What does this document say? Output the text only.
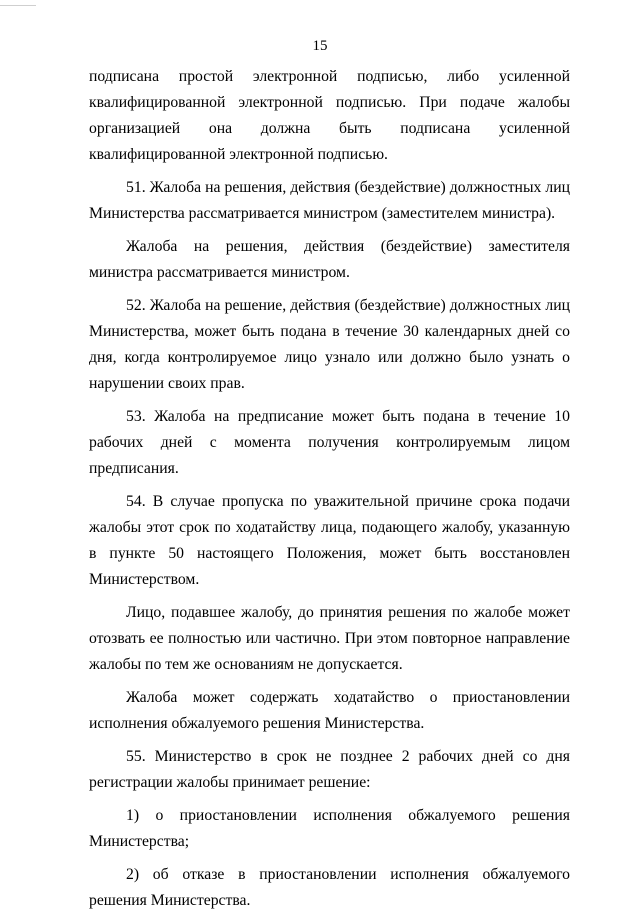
15

подписана простой электронной подписью, либо усиленной квалифицированной электронной подписью. При подаче жалобы организацией она должна быть подписана усиленной квалифицированной электронной подписью.

51. Жалоба на решения, действия (бездействие) должностных лиц Министерства рассматривается министром (заместителем министра).

Жалоба на решения, действия (бездействие) заместителя министра рассматривается министром.

52. Жалоба на решение, действия (бездействие) должностных лиц Министерства, может быть подана в течение 30 календарных дней со дня, когда контролируемое лицо узнало или должно было узнать о нарушении своих прав.

53. Жалоба на предписание может быть подана в течение 10 рабочих дней с момента получения контролируемым лицом предписания.

54. В случае пропуска по уважительной причине срока подачи жалобы этот срок по ходатайству лица, подающего жалобу, указанную в пункте 50 настоящего Положения, может быть восстановлен Министерством.

Лицо, подавшее жалобу, до принятия решения по жалобе может отозвать ее полностью или частично. При этом повторное направление жалобы по тем же основаниям не допускается.

Жалоба может содержать ходатайство о приостановлении исполнения обжалуемого решения Министерства.

55. Министерство в срок не позднее 2 рабочих дней со дня регистрации жалобы принимает решение:

1) о приостановлении исполнения обжалуемого решения Министерства;

2) об отказе в приостановлении исполнения обжалуемого решения Министерства.
